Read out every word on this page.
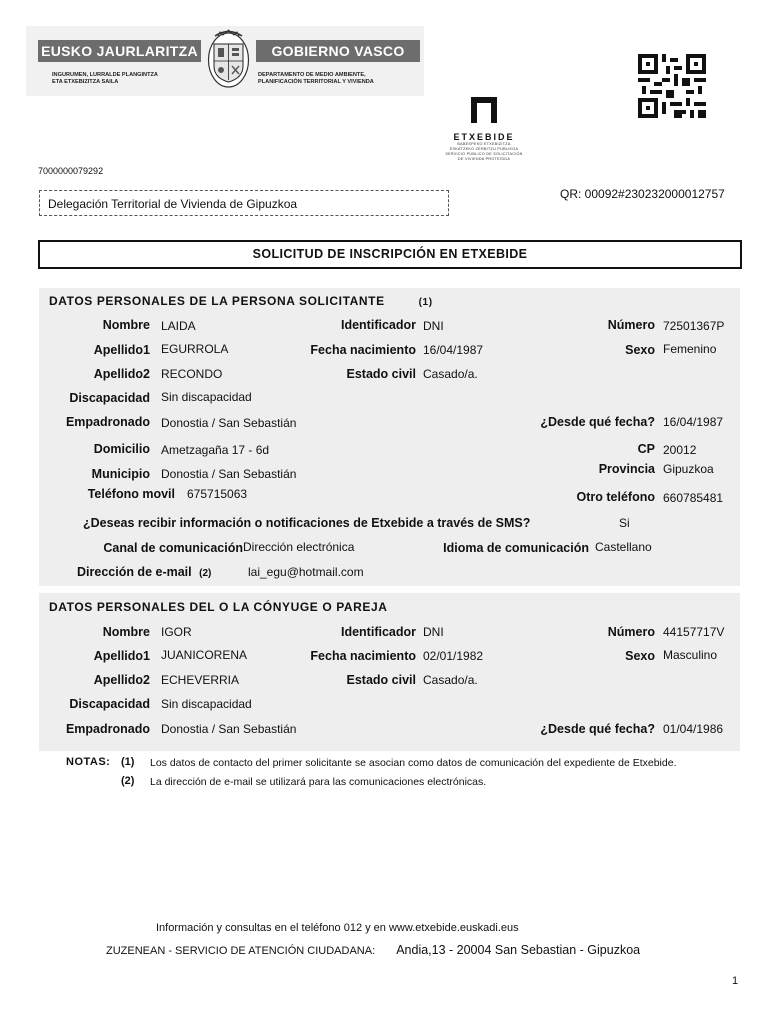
EUSKO JAURLARITZA	GOBIERNO VASCO
INGURUMEN, LURRALDE PLANGINTZA
ETA ETXEBIZITZA SAILA
DEPARTAMENTO DE MEDIO AMBIENTE,
PLANIFICACIÓN TERRITORIAL Y VIVIENDA
ETXEBIDE
BABESPEKO ETXEBIZITZA
ESKATZEKO ZERBITZU PUBLIKOA
SERVICIO PÚBLICO DE SOLICITACIÓN
DE VIVIENDA PROTEGIDA
7000000079292
Delegación Territorial de Vivienda de Gipuzkoa
QR: 00092#230232000012757
SOLICITUD DE INSCRIPCIÓN EN ETXEBIDE
DATOS PERSONALES DE LA PERSONA SOLICITANTE	(1)
Nombre LAIDA	Identificador DNI	Número 72501367P
Apellido1 EGURROLA	Fecha nacimiento 16/04/1987	Sexo Femenino
Apellido2 RECONDO	Estado civil Casado/a.
Discapacidad Sin discapacidad
Empadronado Donostia / San Sebastián	¿Desde qué fecha? 16/04/1987
Domicilio Ametzagaña 17 - 6d	CP 20012
Municipio Donostia / San Sebastián	Provincia Gipuzkoa
Teléfono movil 675715063	Otro teléfono 660785481
¿Deseas recibir información o notificaciones de Etxebide a través de SMS?	Si
Canal de comunicación Dirección electrónica	Idioma de comunicación Castellano
Dirección de e-mail (2)	lai_egu@hotmail.com
DATOS PERSONALES DEL O LA CÓNYUGE O PAREJA
Nombre IGOR	Identificador DNI	Número 44157717V
Apellido1 JUANICORENA	Fecha nacimiento 02/01/1982	Sexo Masculino
Apellido2 ECHEVERRIA	Estado civil Casado/a.
Discapacidad Sin discapacidad
Empadronado Donostia / San Sebastián	¿Desde qué fecha? 01/04/1986
NOTAS: (1) Los datos de contacto del primer solicitante se asocian como datos de comunicación del expediente de Etxebide.
(2) La dirección de e-mail se utilizará para las comunicaciones electrónicas.
Información y consultas en el teléfono 012 y en www.etxebide.euskadi.eus
ZUZENEAN - SERVICIO DE ATENCIÓN CIUDADANA: Andia,13 - 20004 San Sebastian - Gipuzkoa
1
